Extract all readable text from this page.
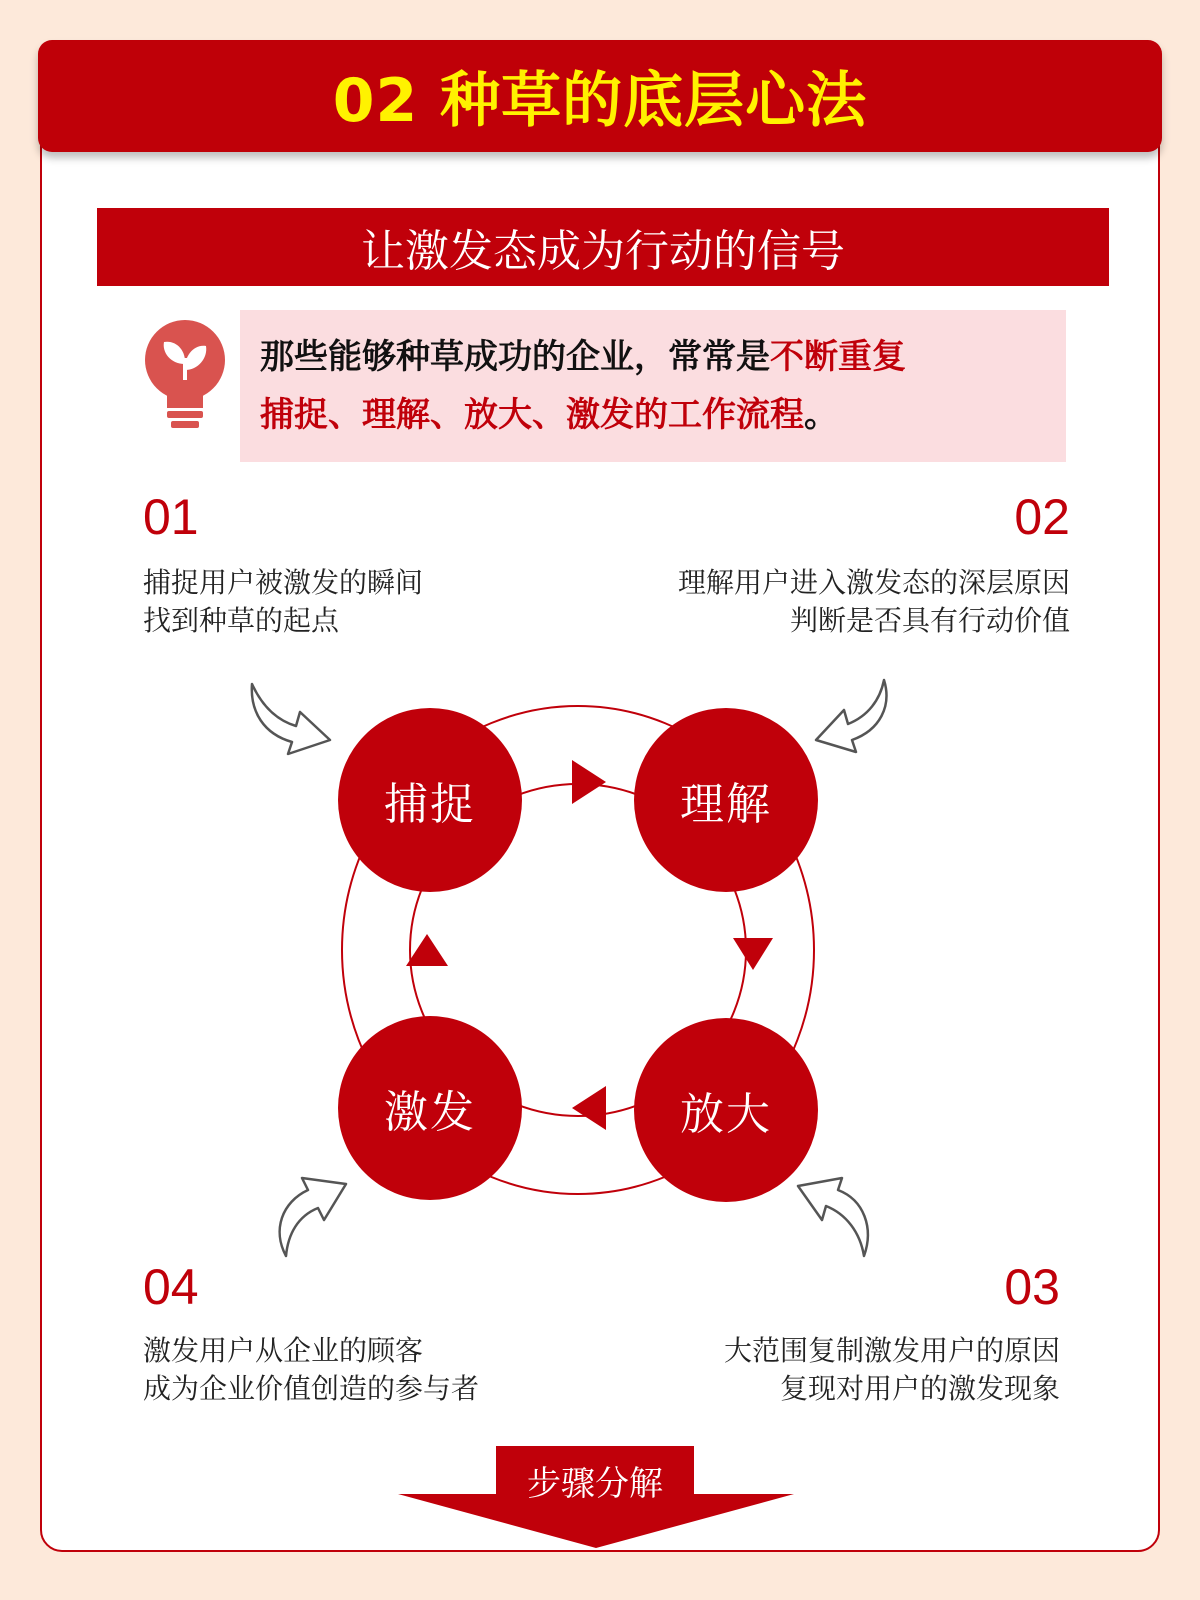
02 种草的底层心法
让激发态成为行动的信号
那些能够种草成功的企业，常常是不断重复
捕捉、理解、放大、激发的工作流程。
01
捕捉用户被激发的瞬间
找到种草的起点
02
理解用户进入激发态的深层原因
判断是否具有行动价值
04
激发用户从企业的顾客
成为企业价值创造的参与者
03
大范围复制激发用户的原因
复现对用户的激发现象
捕捉	理解
激发	放大
步骤分解
